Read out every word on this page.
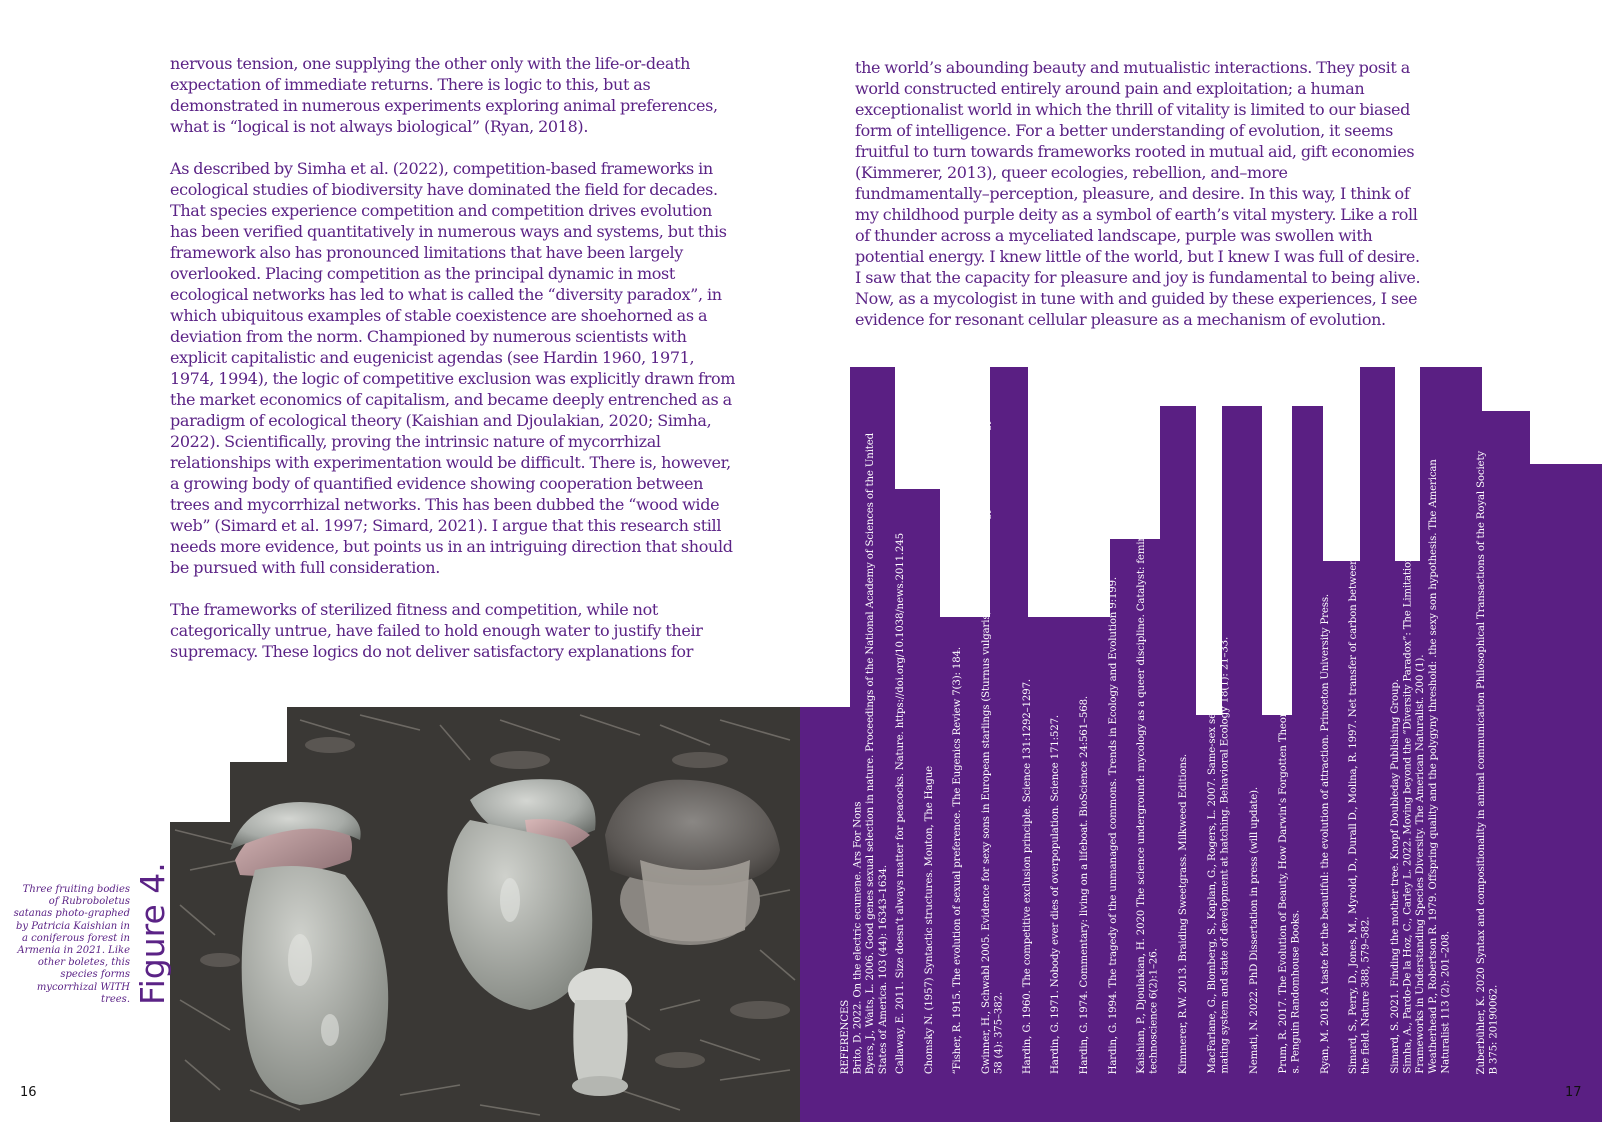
REFERENCES Brito, D. 2022. On the electric ecumene. Ars For Nons Byers, J., Waits, L. 2006. Good genes sexual selection in nature. Proceedings of the National Academy of Sciences of the United States of America. 103 (44): 16343–1634. Callaway, E. 2011. Size doesn’t always matter for peacocks. Nature. https://doi.org/10.1038/news.2011.245 Chomsky N. (1957) Syntactic structures. Mouton, The Hague “Fisher, R. 1915. The evolution of sexual preference. The Eugenics Review 7(3): 184. Gwinner, H., Schwabl 2005. Evidence for sexy sons in European starlings (Sturnus vulgaris). Behavioral Ecology and Sociobiology. 58 (4): 375–382. Hardin, G. 1960. The competitive exclusion principle. Science 131:1292–1297. Hardin, G. 1971. Nobody ever dies of overpopulation. Science 171:527. Hardin, G. 1974. Commentary: living on a lifeboat. BioScience 24:561–568. Hardin, G. 1994. The tragedy of the unmanaged commons. Trends in Ecology and Evolution 9:199. Kaishian, P., Djoulakian, H. 2020 The science underground: mycology as a queer discipline. Catalyst: feminism, theory, technoscience 6(2):1–26. Kimmerer, R.W. 2013. Braiding Sweetgrass. Milkweed Editions. MacFarlane, G., Blomberg, S., Kaplan, G., Rogers, L. 2007. Same-sex sexual behavior in birds: expression is related to social mating system and state of development at hatching. Behavioral Ecology 18(1): 21–33. Nemati, N. 2022. PhD Dissertation in press (will update). Prum, R. 2017. The Evolution of Beauty, How Darwin’s Forgotten Theory of Mate Choice Shapes the Animal World—and U s. Penguin Randomhouse Books. Ryan, M. 2018. A taste for the beautiful: the evolution of attraction. Princeton University Press. Simard, S., Perry, D., Jones, M., Myrold, D., Durall D., Molina, R. 1997. Net transfer of carbon between ectomycorrhizal tree species in the field. Nature 388, 579–582. Simard, S. 2021. Finding the mother tree. Knopf Doubleday Publishing Group. Simha, A., Pardo-De la Hoz, C., Carley L. 2022. Moving beyond the “Diversity Paradox”: The Limitations of Competition-Based Frameworks in Understanding Species Diversity. The American Naturalist. 200 (1). Weatherhead P., Robertson R. 1979. Offspring quality and the polygyny threshold: .the sexy son hypothesis. The American Naturalist 113 (2): 201–208. Zuberbühler, K. 2020 Syntax and compositionality in animal communication Philosophical Transactions of the Royal Society B 375: 20190062.

nervous tension, one supplying the other only with the life-or-death expectation of immediate returns. There is logic to this, but as demonstrated in numerous experiments exploring animal preferences, what is “logical is not always biological” (Ryan, 2018).

As described by Simha et al. (2022), competition-based frameworks in ecological studies of biodiversity have dominated the field for decades. That species experience competition and competition drives evolution has been verified quantitatively in numerous ways and systems, but this framework also has pronounced limitations that have been largely overlooked. Placing competition as the principal dynamic in most ecological networks has led to what is called the “diversity paradox”, in which ubiquitous examples of stable coexistence are shoehorned as a deviation from the norm. Championed by numerous scientists with explicit capitalistic and eugenicist agendas (see Hardin 1960, 1971, 1974, 1994), the logic of competitive exclusion was explicitly drawn from the market economics of capitalism, and became deeply entrenched as a paradigm of ecological theory (Kaishian and Djoulakian, 2020; Simha, 2022). Scientifically, proving the intrinsic nature of mycorrhizal relationships with experimentation would be difficult. There is, however, a growing body of quantified evidence showing cooperation between trees and mycorrhizal networks. This has been dubbed the “wood wide web” (Simard et al. 1997; Simard, 2021). I argue that this research still needs more evidence, but points us in an intriguing direction that should be pursued with full consideration.

The frameworks of sterilized fitness and competition, while not categorically untrue, have failed to hold enough water to justify their supremacy. These logics do not deliver satisfactory explanations for

the world’s abounding beauty and mutualistic interactions. They posit a world constructed entirely around pain and exploitation; a human exceptionalist world in which the thrill of vitality is limited to our biased form of intelligence. For a better understanding of evolution, it seems fruitful to turn towards frameworks rooted in mutual aid, gift economies (Kimmerer, 2013), queer ecologies, rebellion, and–more fundmamentally–perception, pleasure, and desire. In this way, I think of my childhood purple deity as a symbol of earth’s vital mystery. Like a roll of thunder across a myceliated landscape, purple was swollen with potential energy. I knew little of the world, but I knew I was full of desire. I saw that the capacity for pleasure and joy is fundamental to being alive. Now, as a mycologist in tune with and guided by these experiences, I see evidence for resonant cellular pleasure as a mechanism of evolution.

Three fruiting bodies of Rubroboletus satanas photo-graphed by Patricia Kaishian in a coniferous forest in Armenia in 2021. Like other boletes, this species forms mycorrhizal WITH trees. Figure 4.
16	17
